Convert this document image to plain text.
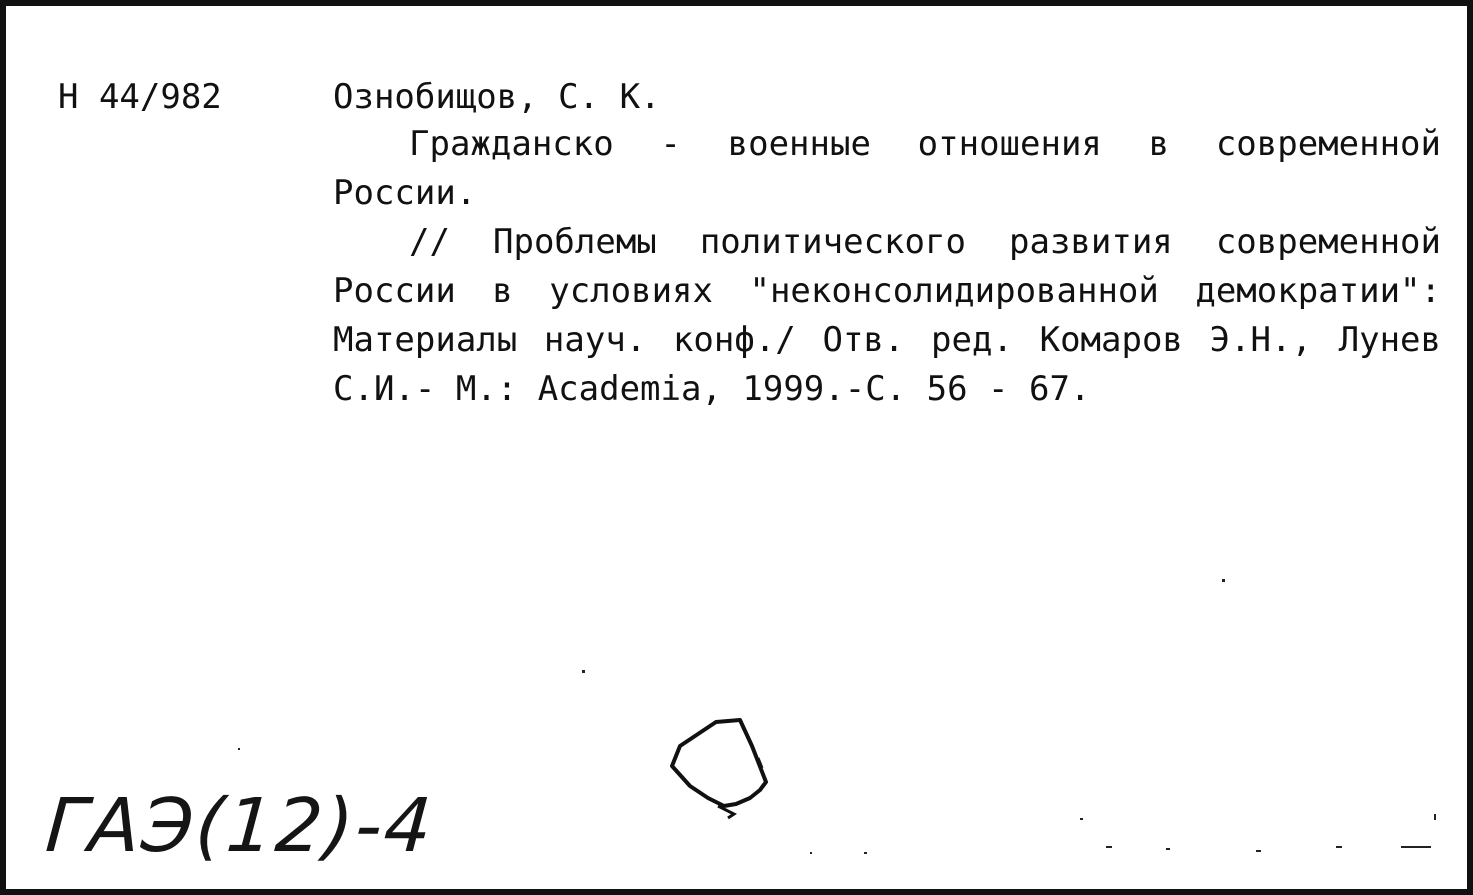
Н 44/982	Ознобищов, С. К.

Гражданско - военные отношения в современной России.

// Проблемы политического развития современной России в условиях "неконсолидированной демократии": Материалы науч. конф./ Отв. ред. Комаров Э.Н., Лунев С.И.- М.: Academia, 1999.-С. 56 - 67.

ГАЭ(12)-4
